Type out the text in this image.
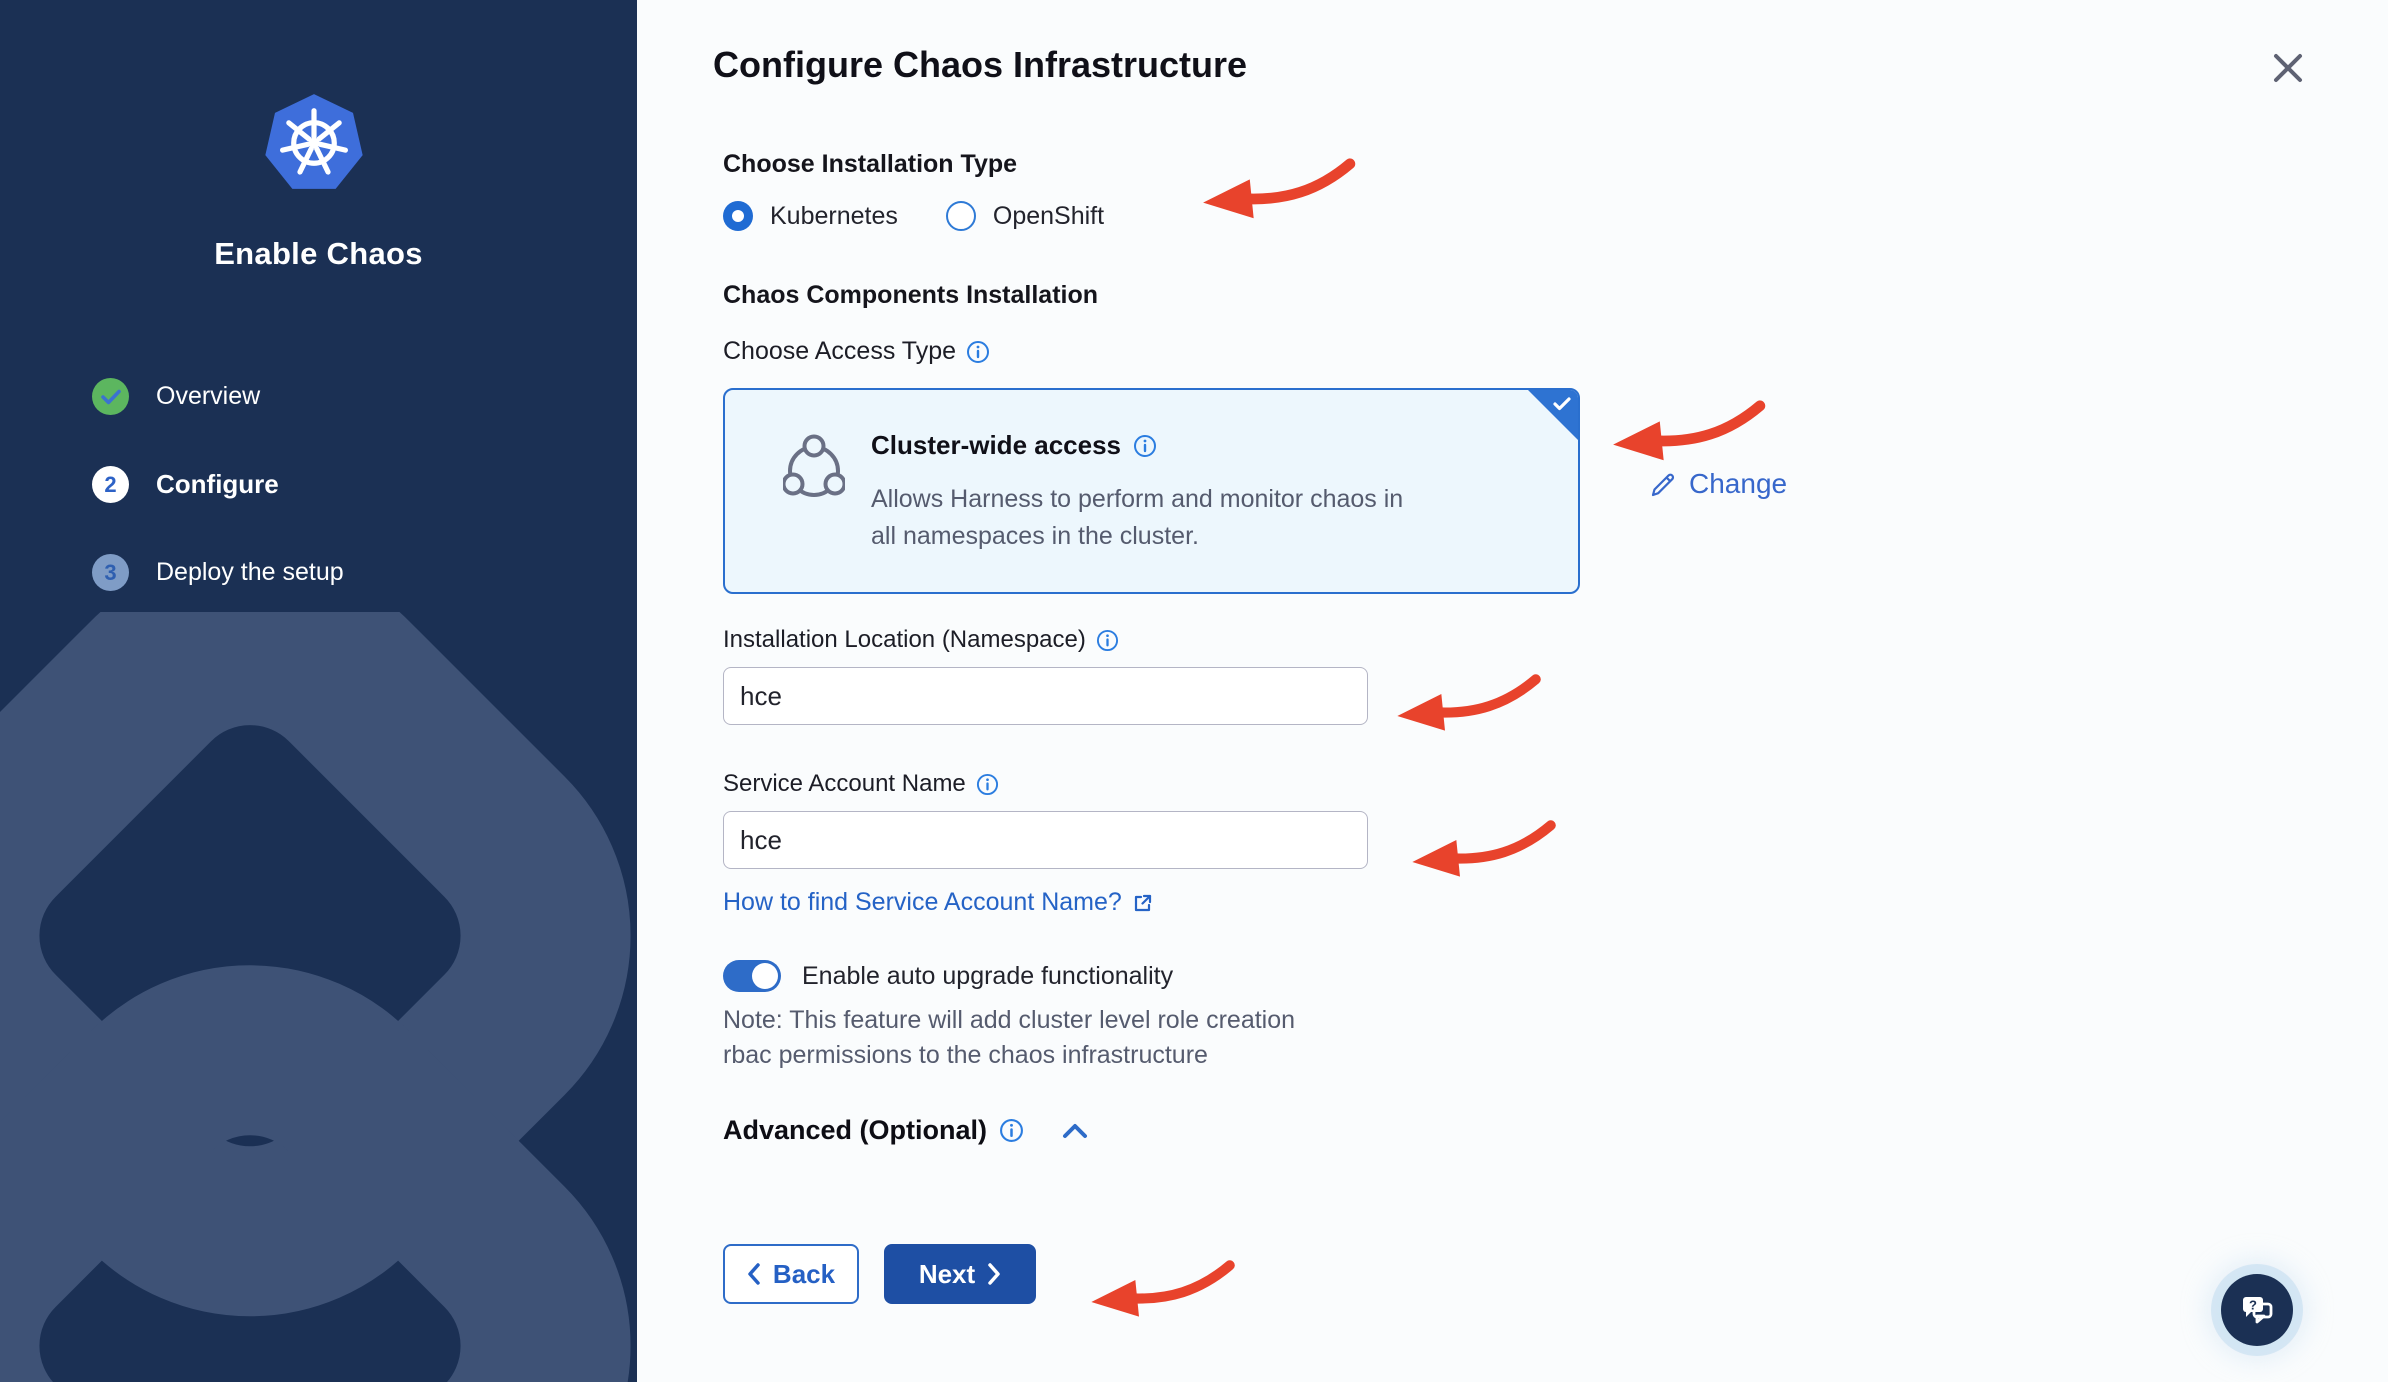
Enable Chaos
Overview
2	Configure
3	Deploy the setup
Configure Chaos Infrastructure
Choose Installation Type
Kubernetes	OpenShift
Chaos Components Installation
Choose Access Type
Cluster-wide access
Allows Harness to perform and monitor chaos in all namespaces in the cluster.
Installation Location (Namespace)
hce
Service Account Name
hce
How to find Service Account Name?
Enable auto upgrade functionality
Note: This feature will add cluster level role creation
rbac permissions to the chaos infrastructure
Advanced (Optional)
Back	Next
Change
?
